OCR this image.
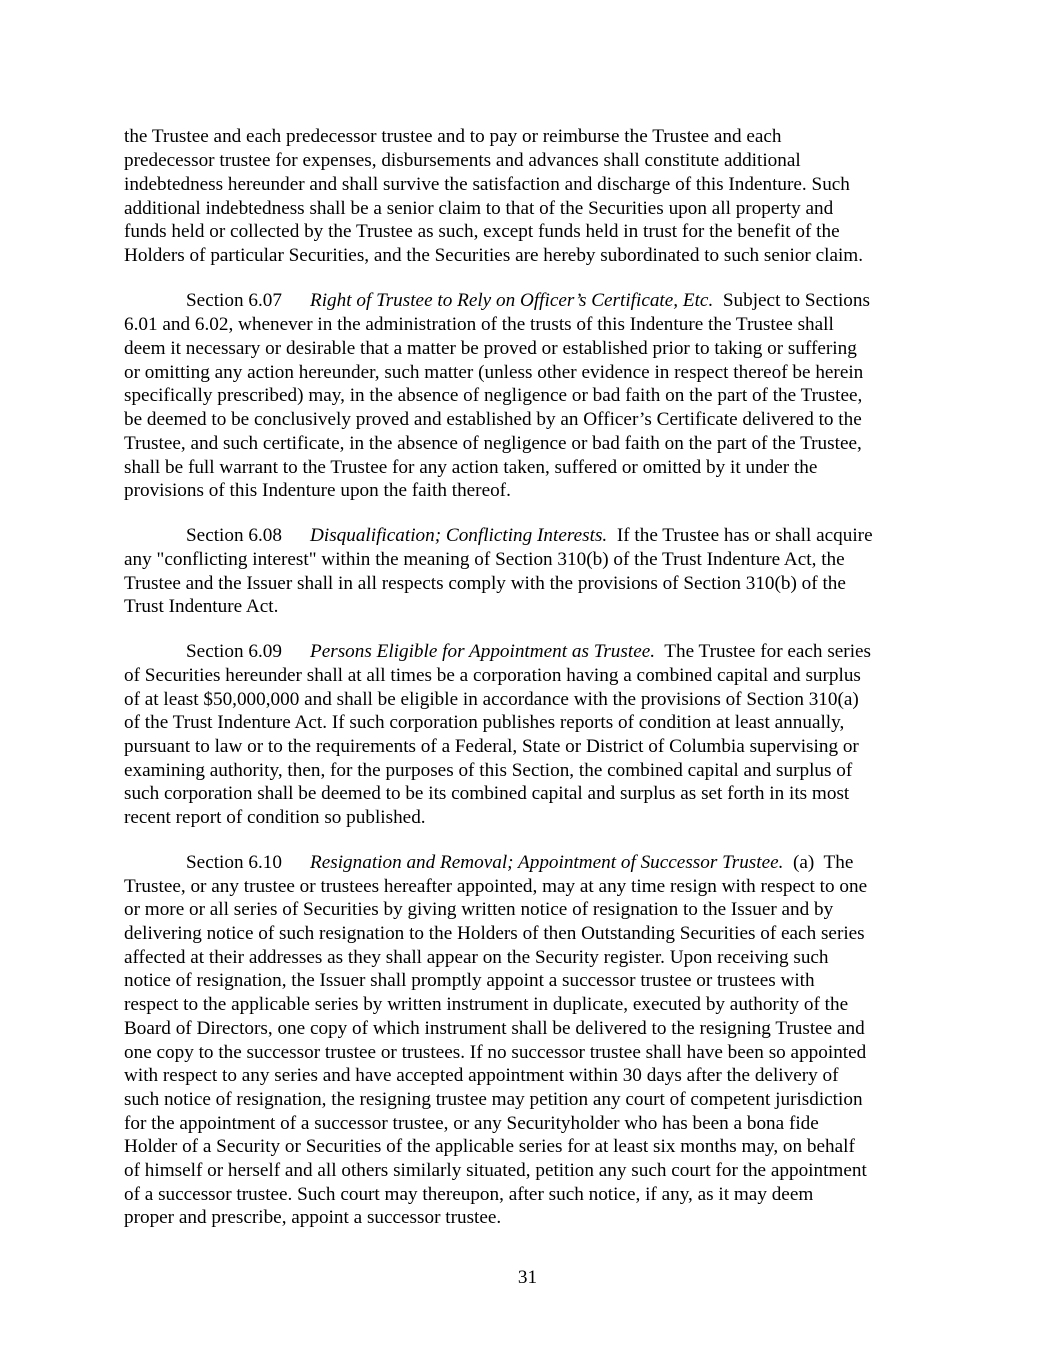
the Trustee and each predecessor trustee and to pay or reimburse the Trustee and each
predecessor trustee for expenses, disbursements and advances shall constitute additional
indebtedness hereunder and shall survive the satisfaction and discharge of this Indenture. Such
additional indebtedness shall be a senior claim to that of the Securities upon all property and
funds held or collected by the Trustee as such, except funds held in trust for the benefit of the
Holders of particular Securities, and the Securities are hereby subordinated to such senior claim.
Section 6.07 Right of Trustee to Rely on Officer’s Certificate, Etc.  Subject to Sections
6.01 and 6.02, whenever in the administration of the trusts of this Indenture the Trustee shall
deem it necessary or desirable that a matter be proved or established prior to taking or suffering
or omitting any action hereunder, such matter (unless other evidence in respect thereof be herein
specifically prescribed) may, in the absence of negligence or bad faith on the part of the Trustee,
be deemed to be conclusively proved and established by an Officer’s Certificate delivered to the
Trustee, and such certificate, in the absence of negligence or bad faith on the part of the Trustee,
shall be full warrant to the Trustee for any action taken, suffered or omitted by it under the
provisions of this Indenture upon the faith thereof.
Section 6.08 Disqualification; Conflicting Interests.  If the Trustee has or shall acquire
any "conflicting interest" within the meaning of Section 310(b) of the Trust Indenture Act, the
Trustee and the Issuer shall in all respects comply with the provisions of Section 310(b) of the
Trust Indenture Act.
Section 6.09 Persons Eligible for Appointment as Trustee.  The Trustee for each series
of Securities hereunder shall at all times be a corporation having a combined capital and surplus
of at least $50,000,000 and shall be eligible in accordance with the provisions of Section 310(a)
of the Trust Indenture Act. If such corporation publishes reports of condition at least annually,
pursuant to law or to the requirements of a Federal, State or District of Columbia supervising or
examining authority, then, for the purposes of this Section, the combined capital and surplus of
such corporation shall be deemed to be its combined capital and surplus as set forth in its most
recent report of condition so published.
Section 6.10 Resignation and Removal; Appointment of Successor Trustee.  (a)  The
Trustee, or any trustee or trustees hereafter appointed, may at any time resign with respect to one
or more or all series of Securities by giving written notice of resignation to the Issuer and by
delivering notice of such resignation to the Holders of then Outstanding Securities of each series
affected at their addresses as they shall appear on the Security register. Upon receiving such
notice of resignation, the Issuer shall promptly appoint a successor trustee or trustees with
respect to the applicable series by written instrument in duplicate, executed by authority of the
Board of Directors, one copy of which instrument shall be delivered to the resigning Trustee and
one copy to the successor trustee or trustees. If no successor trustee shall have been so appointed
with respect to any series and have accepted appointment within 30 days after the delivery of
such notice of resignation, the resigning trustee may petition any court of competent jurisdiction
for the appointment of a successor trustee, or any Securityholder who has been a bona fide
Holder of a Security or Securities of the applicable series for at least six months may, on behalf
of himself or herself and all others similarly situated, petition any such court for the appointment
of a successor trustee. Such court may thereupon, after such notice, if any, as it may deem
proper and prescribe, appoint a successor trustee.
31
